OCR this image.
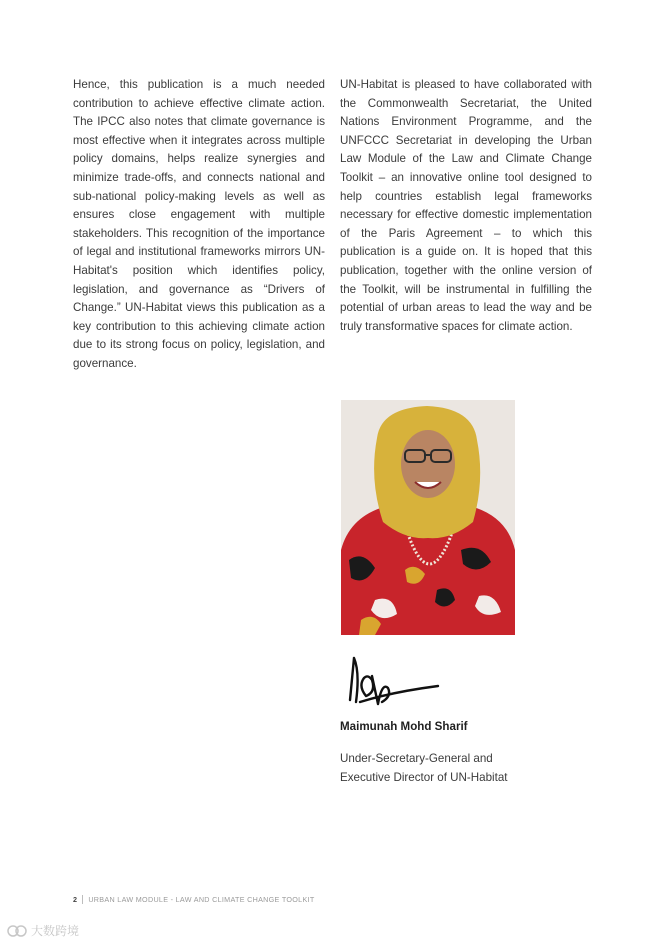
Hence, this publication is a much needed contribution to achieve effective climate action. The IPCC also notes that climate governance is most effective when it integrates across multiple policy domains, helps realize synergies and minimize trade-offs, and connects national and sub-national policy-making levels as well as ensures close engagement with multiple stakeholders. This recognition of the importance of legal and institutional frameworks mirrors UN-Habitat's position which identifies policy, legislation, and governance as “Drivers of Change.” UN-Habitat views this publication as a key contribution to this achieving climate action due to its strong focus on policy, legislation, and governance.

UN-Habitat is pleased to have collaborated with the Commonwealth Secretariat, the United Nations Environment Programme, and the UNFCCC Secretariat in developing the Urban Law Module of the Law and Climate Change Toolkit – an innovative online tool designed to help countries establish legal frameworks necessary for effective domestic implementation of the Paris Agreement – to which this publication is a guide on. It is hoped that this publication, together with the online version of the Toolkit, will be instrumental in fulfilling the potential of urban areas to lead the way and be truly transformative spaces for climate action.

Maimunah Mohd Sharif
Under-Secretary-General and
Executive Director of UN-Habitat
2 URBAN LAW MODULE - LAW AND CLIMATE CHANGE TOOLKIT
大数跨境
